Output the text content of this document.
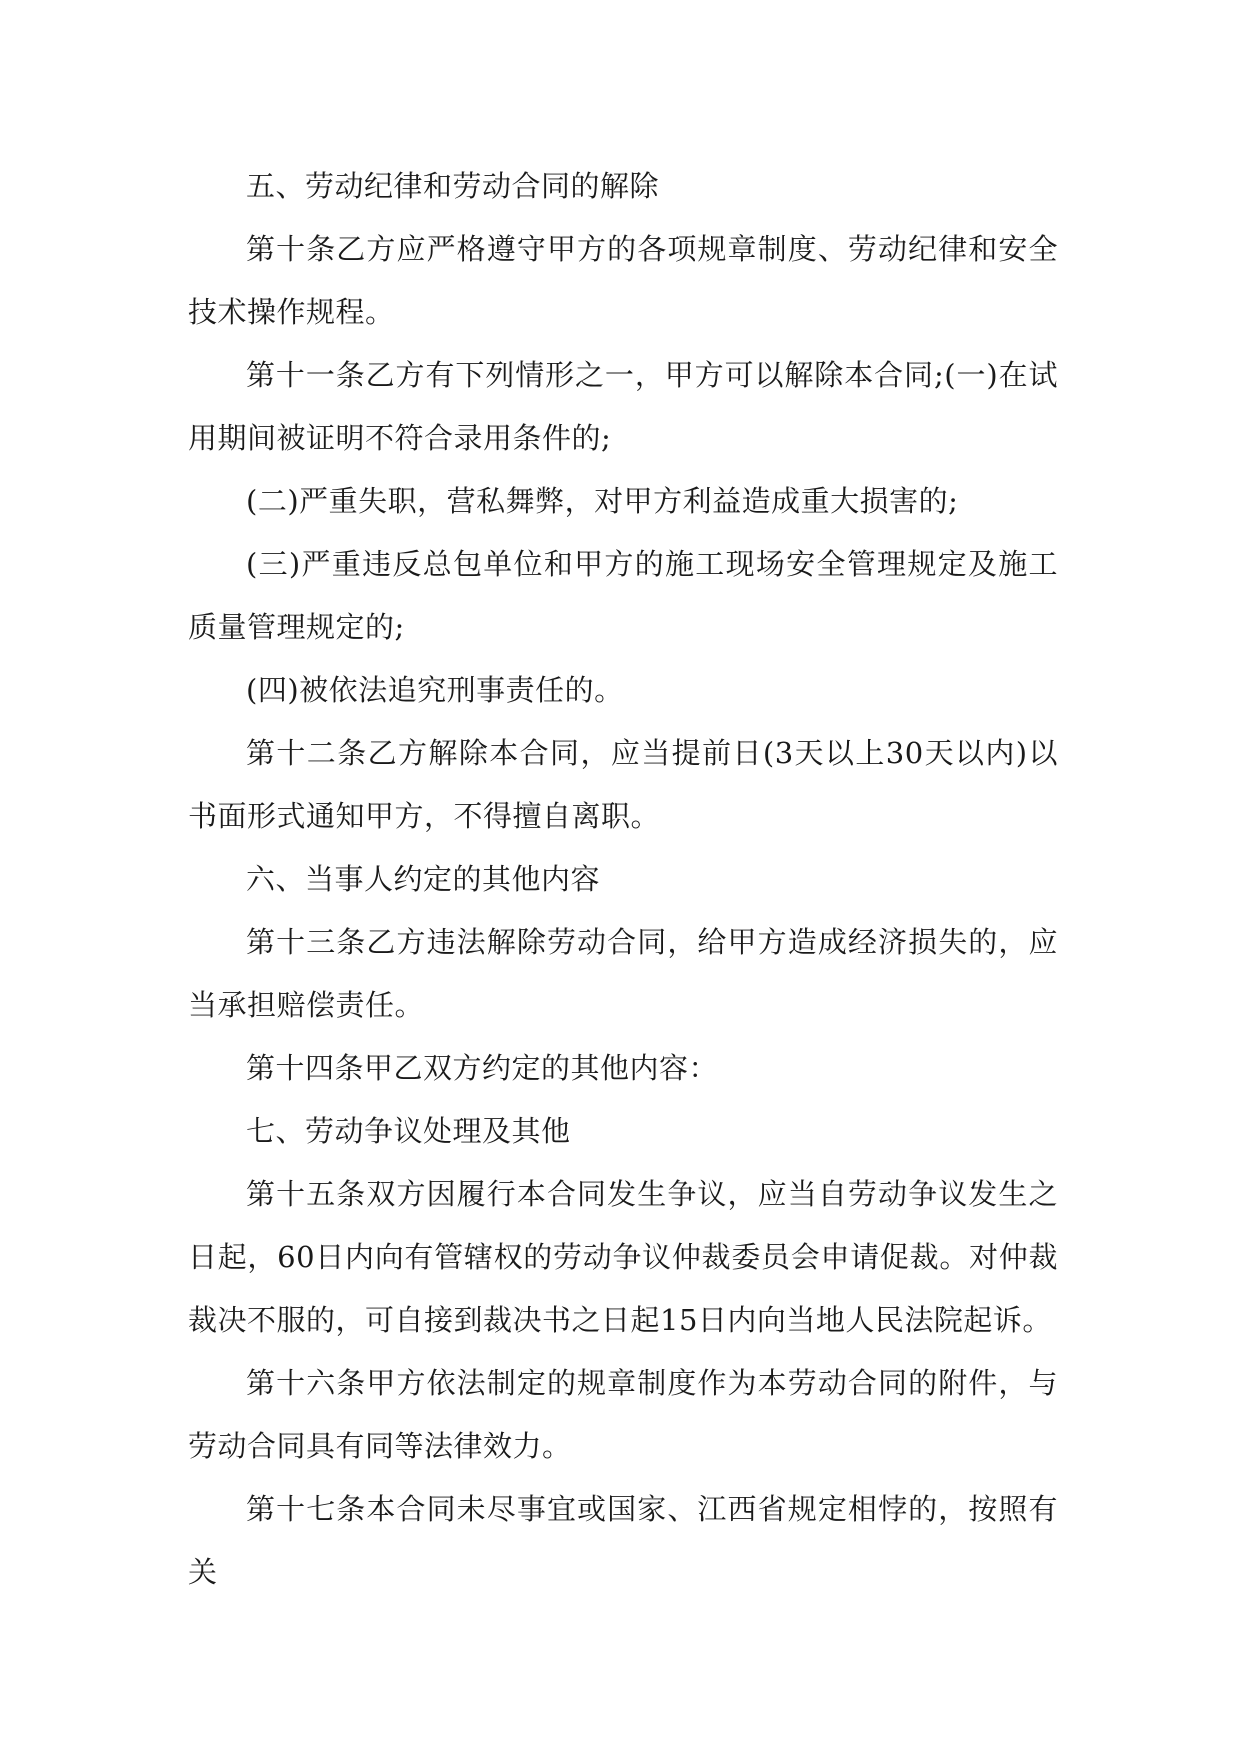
五、劳动纪律和劳动合同的解除

第十条乙方应严格遵守甲方的各项规章制度、劳动纪律和安全技术操作规程。

第十一条乙方有下列情形之一，甲方可以解除本合同;(一)在试用期间被证明不符合录用条件的;

(二)严重失职，营私舞弊，对甲方利益造成重大损害的;

(三)严重违反总包单位和甲方的施工现场安全管理规定及施工质量管理规定的;

(四)被依法追究刑事责任的。

第十二条乙方解除本合同，应当提前日(3天以上30天以内)以书面形式通知甲方，不得擅自离职。

六、当事人约定的其他内容

第十三条乙方违法解除劳动合同，给甲方造成经济损失的，应当承担赔偿责任。

第十四条甲乙双方约定的其他内容：

七、劳动争议处理及其他

第十五条双方因履行本合同发生争议，应当自劳动争议发生之日起，60日内向有管辖权的劳动争议仲裁委员会申请促裁。对仲裁裁决不服的，可自接到裁决书之日起15日内向当地人民法院起诉。

第十六条甲方依法制定的规章制度作为本劳动合同的附件，与劳动合同具有同等法律效力。

第十七条本合同未尽事宜或国家、江西省规定相悖的，按照有关
